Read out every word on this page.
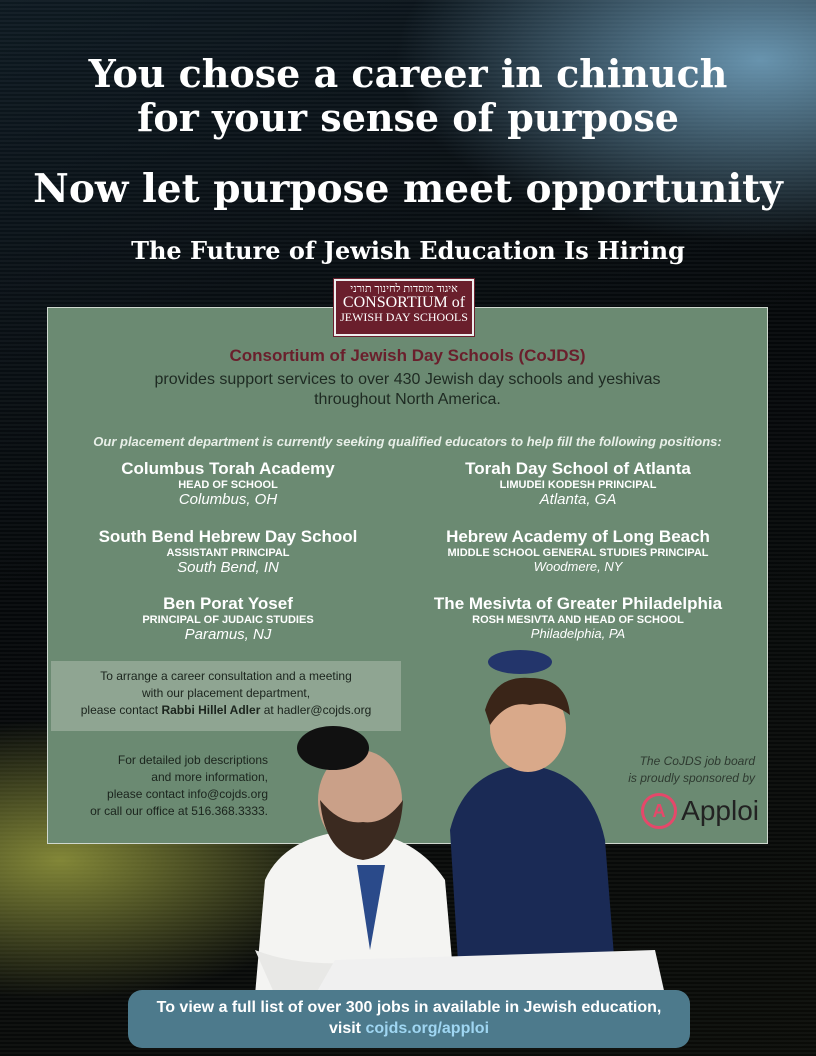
You chose a career in chinuch
for your sense of purpose
Now let purpose meet opportunity
The Future of Jewish Education Is Hiring
איגוד מוסדות לחינוך תורני
CONSORTIUM of
JEWISH DAY SCHOOLS
Consortium of Jewish Day Schools (CoJDS)
provides support services to over 430 Jewish day schools and yeshivas throughout North America.
Our placement department is currently seeking qualified educators to help fill the following positions:
Columbus Torah Academy
HEAD OF SCHOOL
Columbus, OH
Torah Day School of Atlanta
LIMUDEI KODESH PRINCIPAL
Atlanta, GA
South Bend Hebrew Day School
ASSISTANT PRINCIPAL
South Bend, IN
Hebrew Academy of Long Beach
MIDDLE SCHOOL GENERAL STUDIES PRINCIPAL
Woodmere, NY
Ben Porat Yosef
PRINCIPAL OF JUDAIC STUDIES
Paramus, NJ
The Mesivta of Greater Philadelphia
ROSH MESIVTA AND HEAD OF SCHOOL
Philadelphia, PA
To arrange a career consultation and a meeting
with our placement department,
please contact Rabbi Hillel Adler at hadler@cojds.org
For detailed job descriptions
and more information,
please contact info@cojds.org
or call our office at 516.368.3333.
The CoJDS job board
is proudly sponsored by
A Apploi
To view a full list of over 300 jobs in available in Jewish education,
visit cojds.org/apploi
